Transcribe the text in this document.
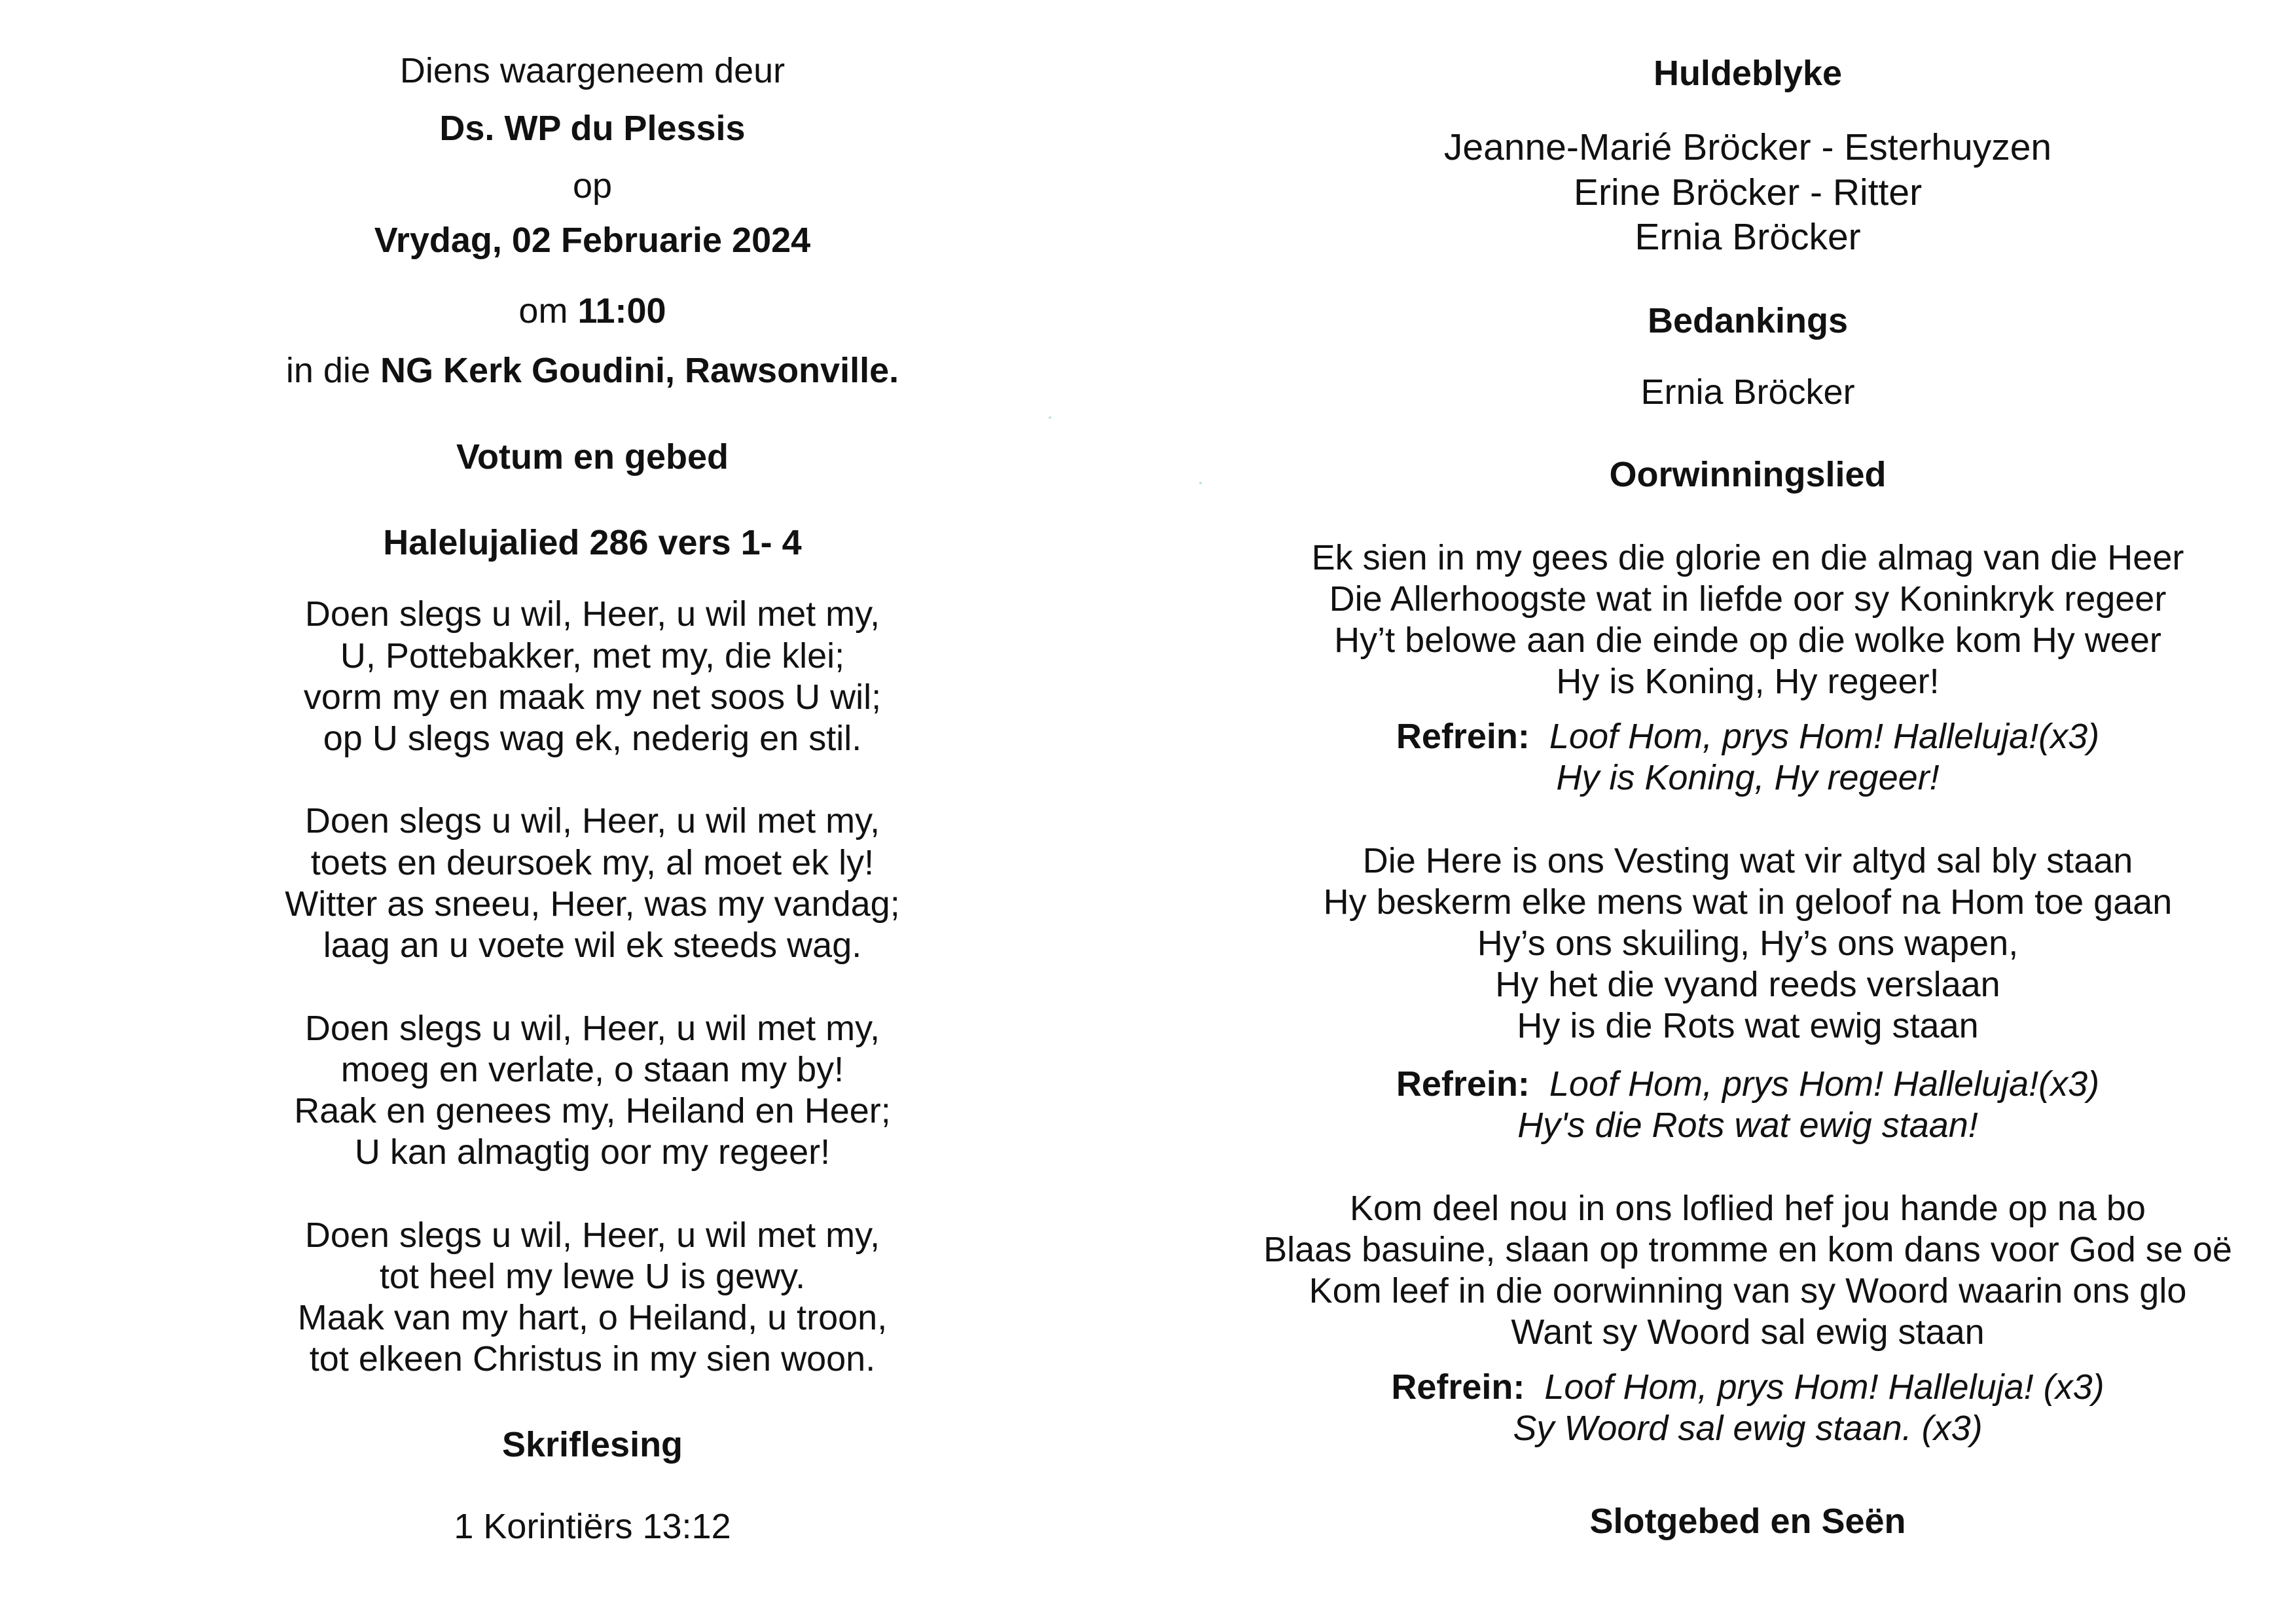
Diens waargeneem deur
Ds. WP du Plessis
op
Vrydag, 02 Februarie 2024
om 11:00
in die NG Kerk Goudini, Rawsonville.
Votum en gebed
Halelujalied 286 vers 1- 4
Doen slegs u wil, Heer, u wil met my,
U, Pottebakker, met my, die klei;
vorm my en maak my net soos U wil;
op U slegs wag ek, nederig en stil.
Doen slegs u wil, Heer, u wil met my,
toets en deursoek my, al moet ek ly!
Witter as sneeu, Heer, was my vandag;
laag an u voete wil ek steeds wag.
Doen slegs u wil, Heer, u wil met my,
moeg en verlate, o staan my by!
Raak en genees my, Heiland en Heer;
U kan almagtig oor my regeer!
Doen slegs u wil, Heer, u wil met my,
tot heel my lewe U is gewy.
Maak van my hart, o Heiland, u troon,
tot elkeen Christus in my sien woon.
Skriflesing
1 Korintiërs 13:12
Huldeblyke
Jeanne-Marié Bröcker - Esterhuyzen
Erine Bröcker - Ritter
Ernia Bröcker
Bedankings
Ernia Bröcker
Oorwinningslied
Ek sien in my gees die glorie en die almag van die Heer
Die Allerhoogste wat in liefde oor sy Koninkryk regeer
Hy’t belowe aan die einde op die wolke kom Hy weer
Hy is Koning, Hy regeer!
Refrein: Loof Hom, prys Hom! Halleluja!(x3)
Hy is Koning, Hy regeer!
Die Here is ons Vesting wat vir altyd sal bly staan
Hy beskerm elke mens wat in geloof na Hom toe gaan
Hy’s ons skuiling, Hy’s ons wapen,
Hy het die vyand reeds verslaan
Hy is die Rots wat ewig staan
Refrein: Loof Hom, prys Hom! Halleluja!(x3)
Hy's die Rots wat ewig staan!
Kom deel nou in ons loflied hef jou hande op na bo
Blaas basuine, slaan op tromme en kom dans voor God se oë
Kom leef in die oorwinning van sy Woord waarin ons glo
Want sy Woord sal ewig staan
Refrein: Loof Hom, prys Hom! Halleluja! (x3)
Sy Woord sal ewig staan. (x3)
Slotgebed en Seën
